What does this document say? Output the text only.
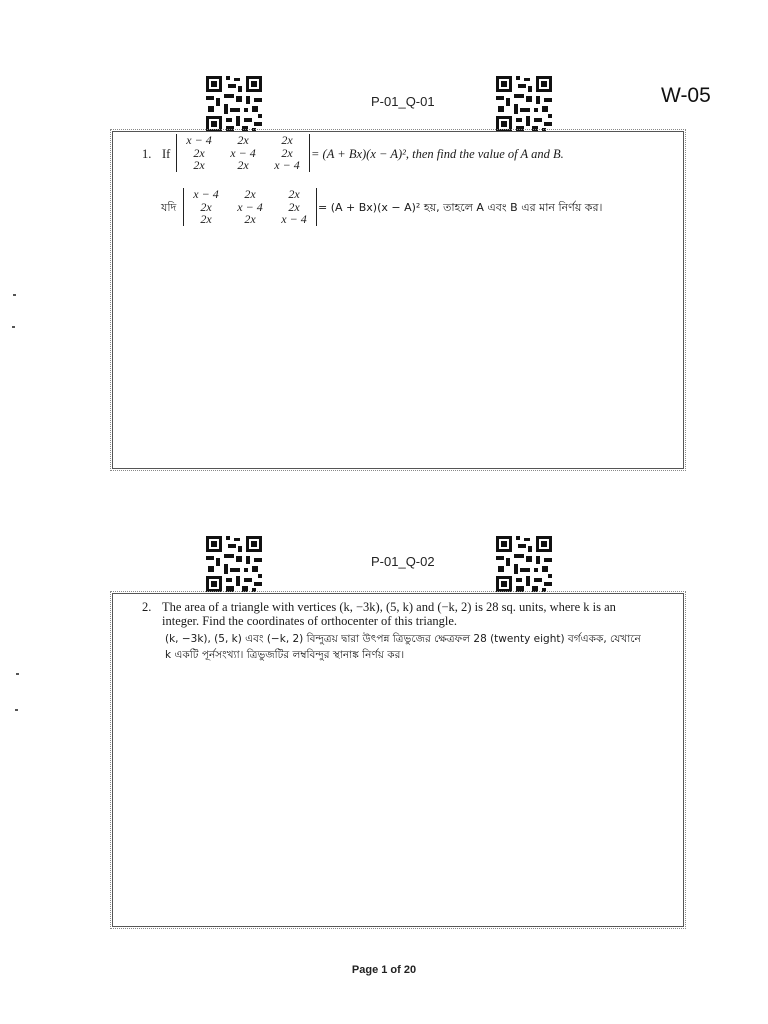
W-05
P-01_Q-01
1. If
x − 4	2x	2x
2x	x − 4	2x
2x	2x	x − 4
= (A + Bx)(x − A)², then find the value of A and B.
যদি
x − 4	2x	2x
2x	x − 4	2x
2x	2x	x − 4
= (A + Bx)(x − A)² হয়, তাহলে A এবং B এর মান নির্ণয় কর।
P-01_Q-02
2. The area of a triangle with vertices (k, −3k), (5, k) and (−k, 2) is 28 sq. units, where k is an
integer. Find the coordinates of orthocenter of this triangle.
(k, −3k), (5, k) এবং (−k, 2) বিন্দুত্রয় দ্বারা উৎপন্ন ত্রিভুজের ক্ষেত্রফল 28 (twenty eight) বর্গএকক, যেখানে
k একটি পূর্নসংখ্যা। ত্রিভুজটির লম্ববিন্দুর স্থানাঙ্ক নির্ণয় কর।
Page 1 of 20
